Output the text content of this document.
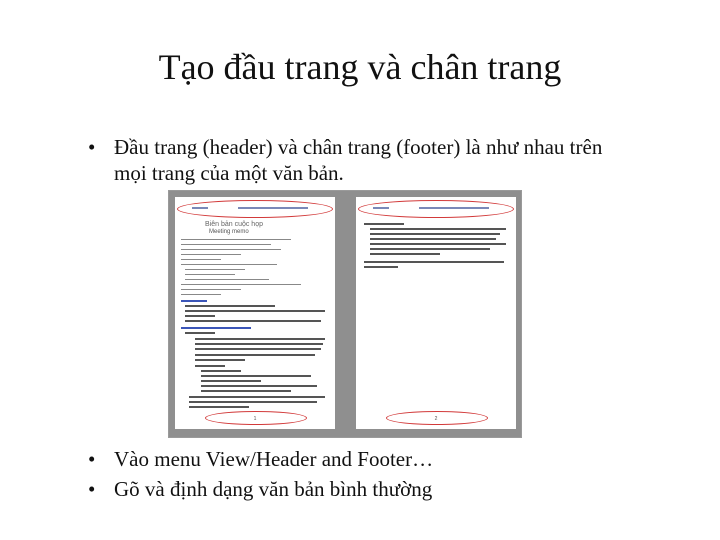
Tạo đầu trang và chân trang
• Đầu trang (header) và chân trang (footer) là như nhau trên
mọi trang của một văn bản.
Biên bản cuộc họp
Meeting memo
1	2
• Vào menu View/Header and Footer…
• Gõ và định dạng văn bản bình thường
